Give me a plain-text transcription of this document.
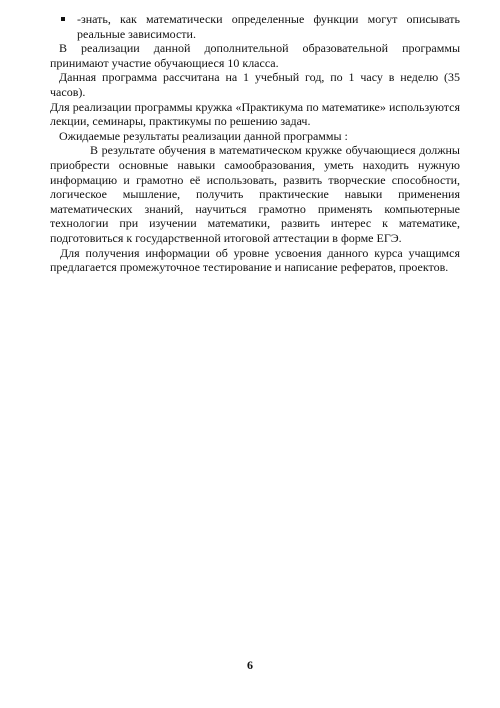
-знать, как математически определенные функции могут описывать реальные зависимости.

В реализации данной дополнительной образовательной программы принимают участие обучающиеся 10 класса.

Данная программа рассчитана на 1 учебный год, по 1 часу в неделю (35 часов).

Для реализации программы кружка «Практикума по математике» используются лекции, семинары, практикумы по решению задач.

Ожидаемые результаты реализации данной программы :

В результате обучения в математическом кружке обучающиеся должны приобрести основные навыки самообразования, уметь находить нужную информацию и грамотно её использовать, развить творческие способности, логическое мышление, получить практические навыки применения математических знаний, научиться грамотно применять компьютерные технологии при изучении математики, развить интерес к математике, подготовиться к государственной итоговой аттестации в форме ЕГЭ.

Для получения информации об уровне усвоения данного курса учащимся предлагается промежуточное тестирование и написание рефератов, проектов.

6
